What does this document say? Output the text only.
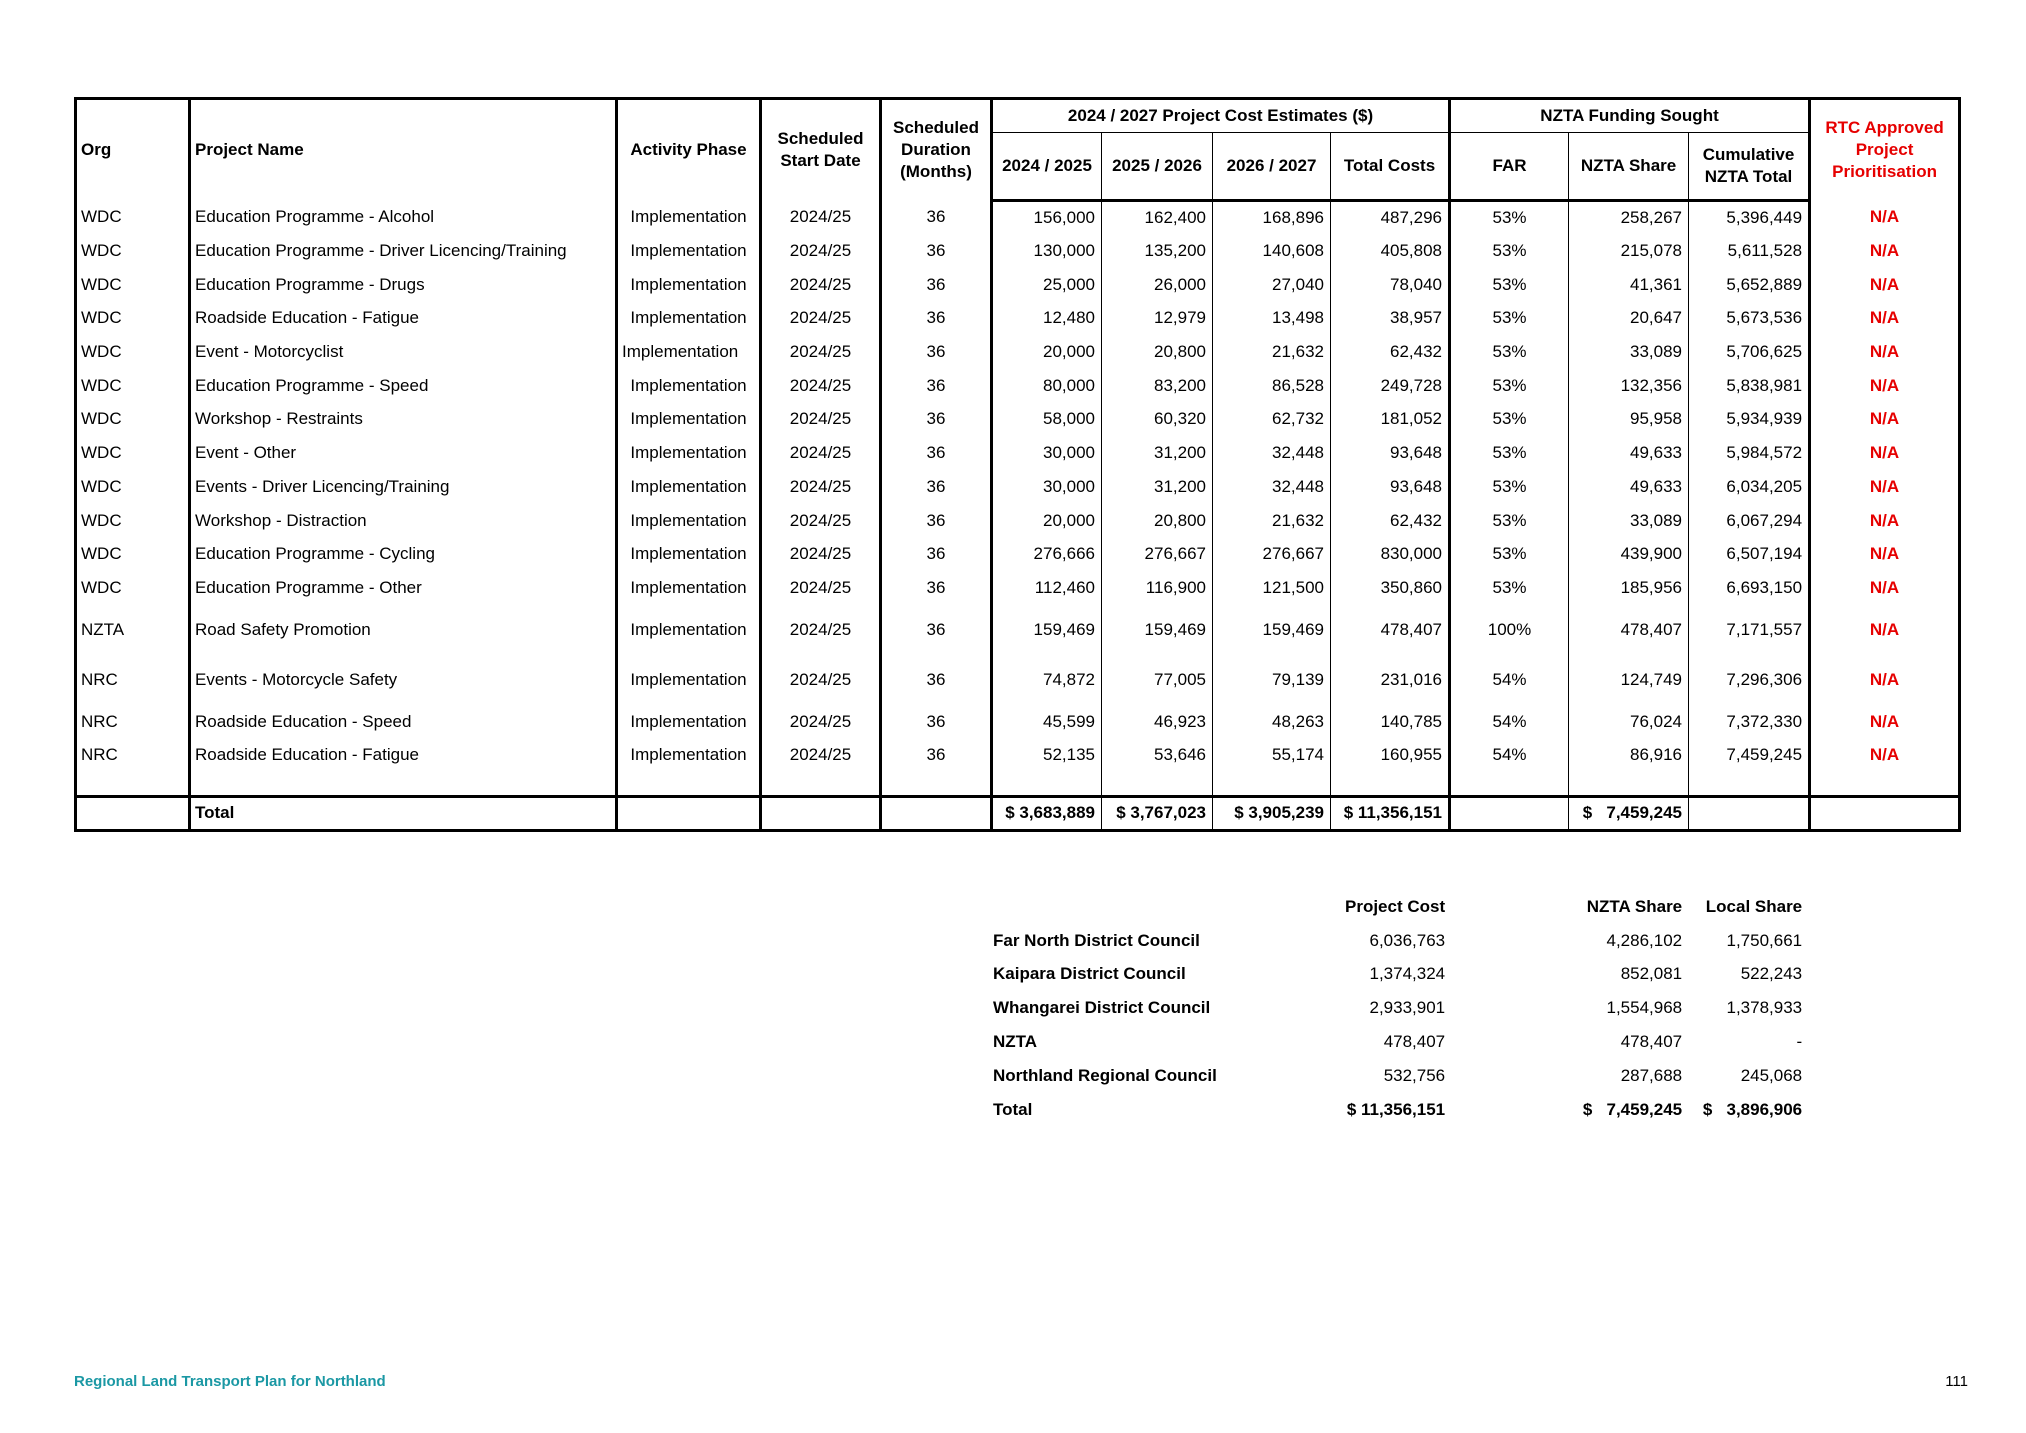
Org	Project Name	Activity Phase	Scheduled Start Date	Scheduled Duration (Months)	2024 / 2027 Project Cost Estimates ($)				NZTA Funding Sought			RTC Approved Project Prioritisation
					2024 / 2025	2025 / 2026	2026 / 2027	Total Costs	FAR	NZTA Share	Cumulative NZTA Total	
WDC	Education Programme - Alcohol	Implementation	2024/25	36	156,000	162,400	168,896	487,296	53%	258,267	5,396,449	N/A
WDC	Education Programme - Driver Licencing/Training	Implementation	2024/25	36	130,000	135,200	140,608	405,808	53%	215,078	5,611,528	N/A
WDC	Education Programme - Drugs	Implementation	2024/25	36	25,000	26,000	27,040	78,040	53%	41,361	5,652,889	N/A
WDC	Roadside Education - Fatigue	Implementation	2024/25	36	12,480	12,979	13,498	38,957	53%	20,647	5,673,536	N/A
WDC	Event - Motorcyclist	Implementation	2024/25	36	20,000	20,800	21,632	62,432	53%	33,089	5,706,625	N/A
WDC	Education Programme - Speed	Implementation	2024/25	36	80,000	83,200	86,528	249,728	53%	132,356	5,838,981	N/A
WDC	Workshop - Restraints	Implementation	2024/25	36	58,000	60,320	62,732	181,052	53%	95,958	5,934,939	N/A
WDC	Event - Other	Implementation	2024/25	36	30,000	31,200	32,448	93,648	53%	49,633	5,984,572	N/A
WDC	Events - Driver Licencing/Training	Implementation	2024/25	36	30,000	31,200	32,448	93,648	53%	49,633	6,034,205	N/A
WDC	Workshop - Distraction	Implementation	2024/25	36	20,000	20,800	21,632	62,432	53%	33,089	6,067,294	N/A
WDC	Education Programme - Cycling	Implementation	2024/25	36	276,666	276,667	276,667	830,000	53%	439,900	6,507,194	N/A
WDC	Education Programme - Other	Implementation	2024/25	36	112,460	116,900	121,500	350,860	53%	185,956	6,693,150	N/A
NZTA	Road Safety Promotion	Implementation	2024/25	36	159,469	159,469	159,469	478,407	100%	478,407	7,171,557	N/A
NRC	Events - Motorcycle Safety	Implementation	2024/25	36	74,872	77,005	79,139	231,016	54%	124,749	7,296,306	N/A
NRC	Roadside Education - Speed	Implementation	2024/25	36	45,599	46,923	48,263	140,785	54%	76,024	7,372,330	N/A
NRC	Roadside Education - Fatigue	Implementation	2024/25	36	52,135	53,646	55,174	160,955	54%	86,916	7,459,245	N/A

	Total				$ 3,683,889	$ 3,767,023	$ 3,905,239	$ 11,356,151		$   7,459,245		
	Project Cost	NZTA Share	Local Share
Far North District Council	6,036,763	4,286,102	1,750,661
Kaipara District Council	1,374,324	852,081	522,243
Whangarei District Council	2,933,901	1,554,968	1,378,933
NZTA	478,407	478,407	-
Northland Regional Council	532,756	287,688	245,068
Total	$ 11,356,151	$   7,459,245	$   3,896,906
Regional Land Transport Plan for Northland	111
